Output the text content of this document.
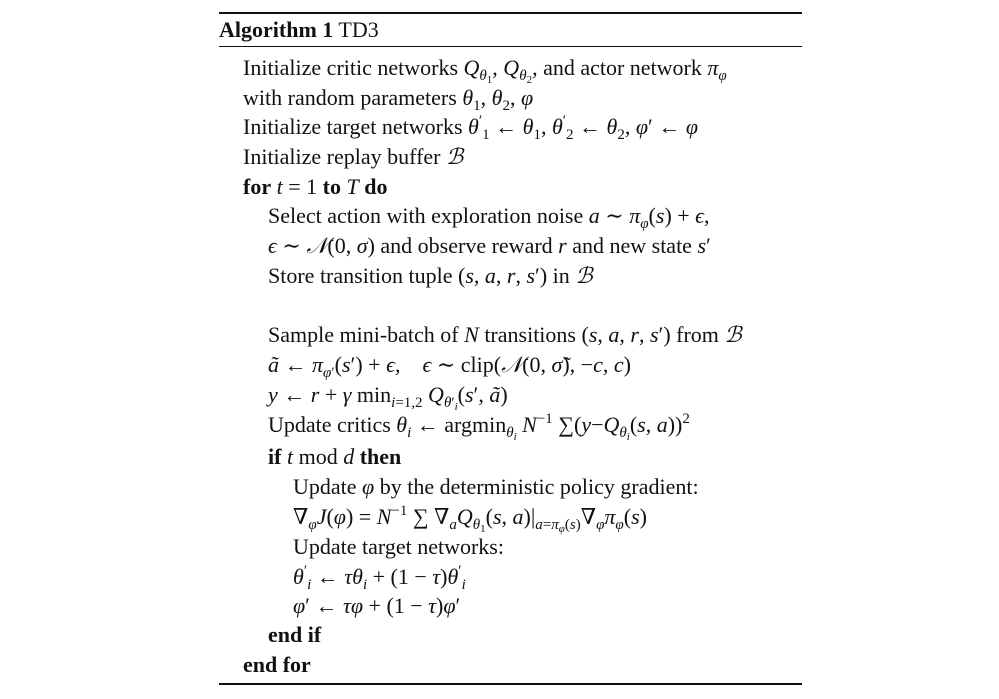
Algorithm 1 TD3
Initialize critic networks $Q_{\theta_1}$, $Q_{\theta_2}$, and actor network $\pi_\varphi$
with random parameters $\theta_1$, $\theta_2$, φ
Initialize target networks $\theta'_1$ ← $\theta_1$, $\theta'_2$ ← $\theta_2$, φ′ ← φ
Initialize replay buffer ℬ
for t = 1 to T do
Select action with exploration noise a ∼ $\pi_\varphi(s) + \epsilon$,
ϵ ∼ 𝒩(0, σ) and observe reward r and new state s′
Store transition tuple (s, a, r, s′) in ℬ
Sample mini-batch of N transitions (s, a, r, s′) from ℬ
ã ← $\pi_{\varphi'}(s') + \epsilon$,    ϵ ∼ clip(𝒩(0, σ̃), −c, c)
y ← r + γ $\min_{i=1,2} Q_{\theta'_i}(s'$, ã)
Update critics $\theta_i$ ← argmin$_{\theta_i}$ $N^{-1}$ $\sum(y-Q_{\theta_i}(s$, a))$^2$
if t mod d then
Update φ by the deterministic policy gradient:
$\nabla_\varphi J(\varphi) = N^{-1}$ ∑ $\nabla_aQ_{\theta_1}(s$, $a)|_{a=\pi_\varphi(s)}\nabla_\varphi\pi_\varphi(s)$
Update target networks:
$\theta'_i$ ← $\tau\theta_i + (1 - \tau)\theta'_i$
φ′ ← τφ + (1 − τ)φ′
end if
end for
